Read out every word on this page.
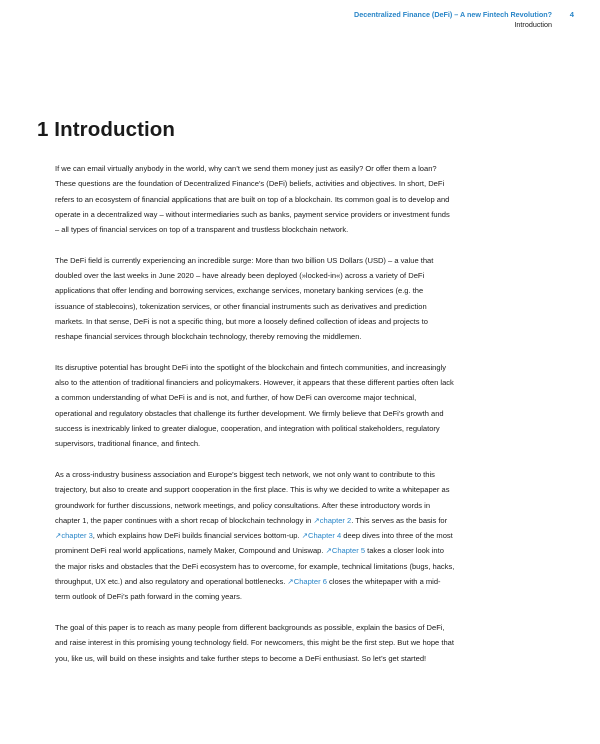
Decentralized Finance (DeFi) – A new Fintech Revolution?
Introduction
4
1 Introduction

If we can email virtually anybody in the world, why can’t we send them money just as easily? Or offer them a loan? These questions are the foundation of Decentralized Finance’s (DeFi) beliefs, activities and objectives. In short, DeFi refers to an ecosystem of financial applications that are built on top of a blockchain. Its common goal is to develop and operate in a decentralized way – without intermediaries such as banks, payment service providers or investment funds – all types of financial services on top of a transparent and trustless blockchain network.

The DeFi field is currently experiencing an incredible surge: More than two billion US Dollars (USD) – a value that doubled over the last weeks in June 2020 – have already been deployed (»locked-in«) across a variety of DeFi applications that offer lending and borrowing services, exchange services, monetary banking services (e.g. the issuance of stablecoins), tokenization services, or other financial instruments such as derivatives and prediction markets. In that sense, DeFi is not a specific thing, but more a loosely defined collection of ideas and projects to reshape financial services through blockchain technology, thereby removing the middlemen.

Its disruptive potential has brought DeFi into the spotlight of the blockchain and fintech communities, and increasingly also to the attention of traditional financiers and policymakers. However, it appears that these different parties often lack a common understanding of what DeFi is and is not, and further, of how DeFi can overcome major technical, operational and regulatory obstacles that challenge its further development. We firmly believe that DeFi’s growth and success is inextricably linked to greater dialogue, cooperation, and integration with political stakeholders, regulatory supervisors, traditional finance, and fintech.

As a cross-industry business association and Europe’s biggest tech network, we not only want to contribute to this trajectory, but also to create and support cooperation in the first place. This is why we decided to write a whitepaper as groundwork for further discussions, network meetings, and policy consultations. After these introductory words in chapter 1, the paper continues with a short recap of blockchain technology in ↗chapter 2. This serves as the basis for ↗chapter 3, which explains how DeFi builds financial services bottom-up. ↗Chapter 4 deep dives into three of the most prominent DeFi real world applications, namely Maker, Compound and Uniswap. ↗Chapter 5 takes a closer look into the major risks and obstacles that the DeFi ecosystem has to overcome, for example, technical limitations (bugs, hacks, throughput, UX etc.) and also regulatory and operational bottlenecks. ↗Chapter 6 closes the whitepaper with a mid-term outlook of DeFi’s path forward in the coming years.

The goal of this paper is to reach as many people from different backgrounds as possible, explain the basics of DeFi, and raise interest in this promising young technology field. For newcomers, this might be the first step. But we hope that you, like us, will build on these insights and take further steps to become a DeFi enthusiast. So let’s get started!
